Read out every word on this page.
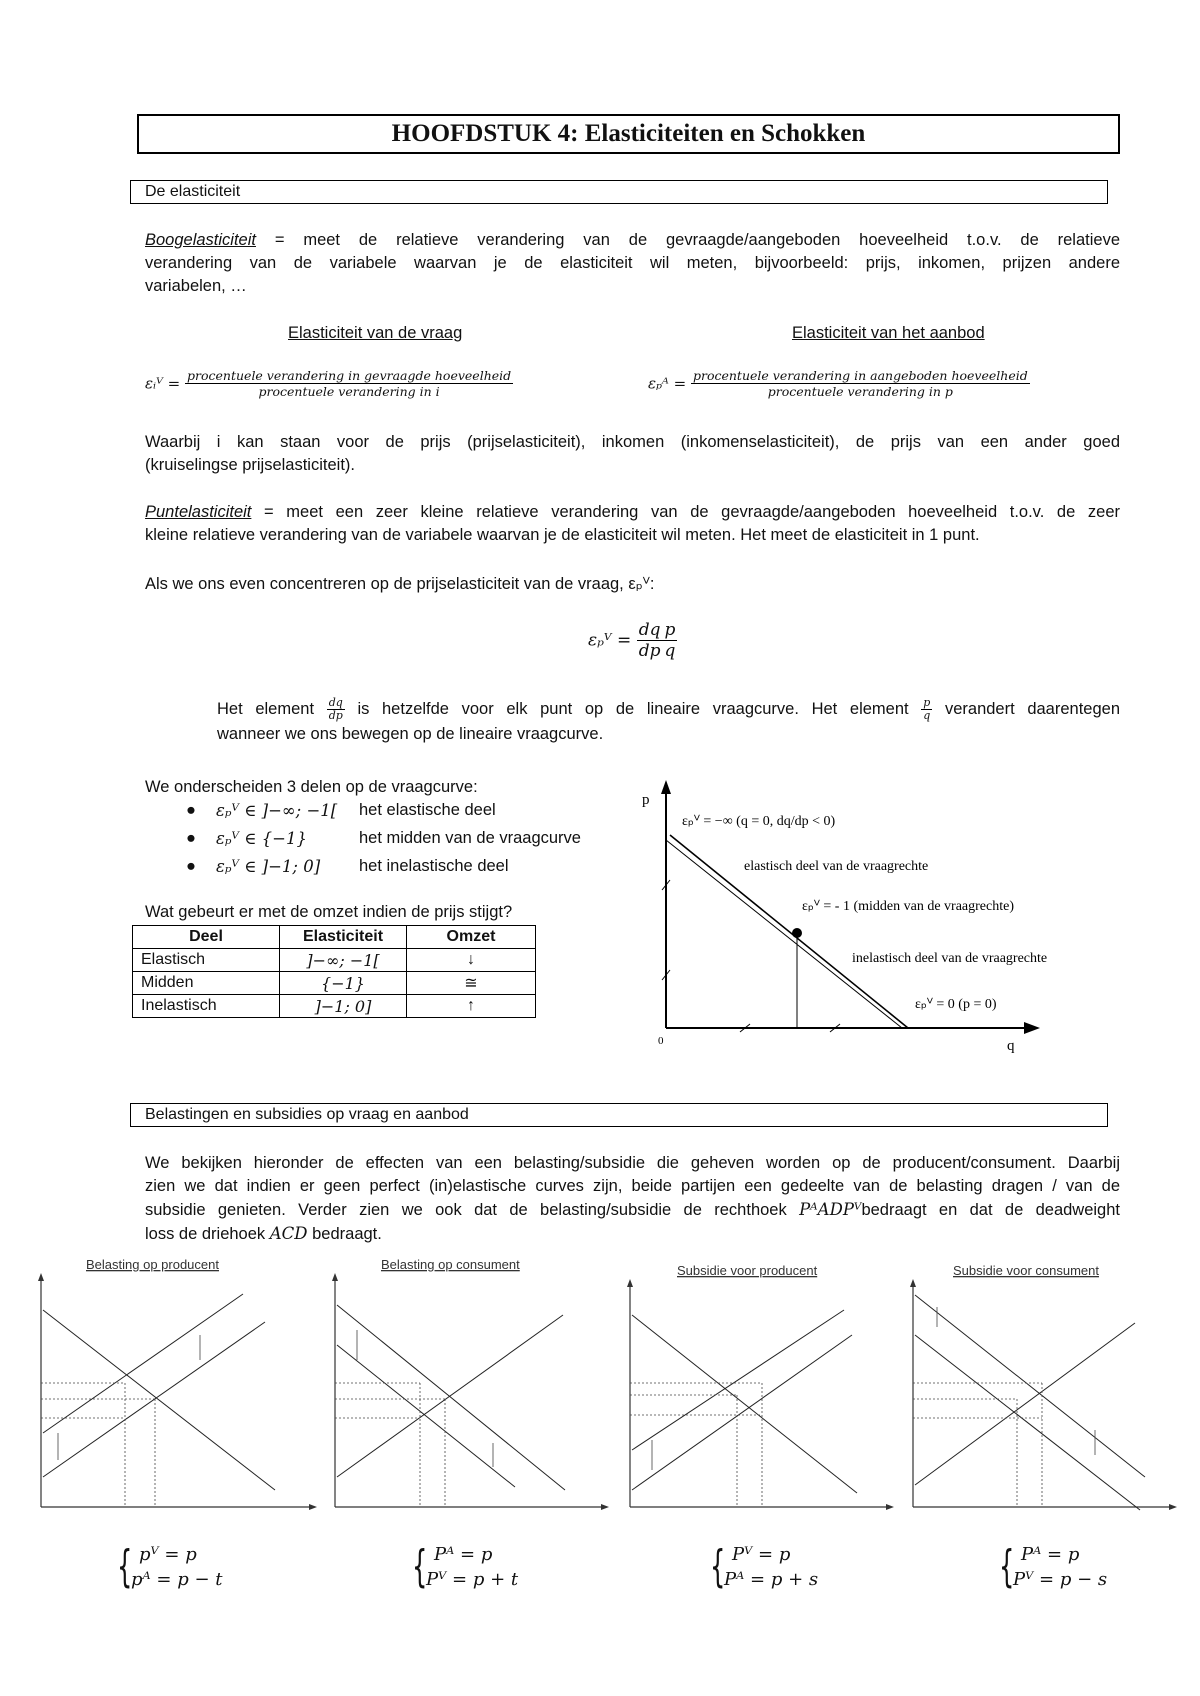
HOOFDSTUK 4: Elasticiteiten en Schokken
De elasticiteit
Boogelasticiteit = meet de relatieve verandering van de gevraagde/aangeboden hoeveelheid t.o.v. de relatieve
verandering van de variabele waarvan je de elasticiteit wil meten, bijvoorbeeld: prijs, inkomen, prijzen andere
variabelen, …
Elasticiteit van de vraag	Elasticiteit van het aanbod
εᵢⱽ = $\frac{\text{procentuele verandering in gevraagde hoeveelheid}}{\text{procentuele verandering in i}}$	εₚᴬ = $\frac{\text{procentuele verandering in aangeboden hoeveelheid}}{\text{procentuele verandering in p}}$
Waarbij i kan staan voor de prijs (prijselasticiteit), inkomen (inkomenselasticiteit), de prijs van een ander goed
(kruiselingse prijselasticiteit).
Puntelasticiteit = meet een zeer kleine relatieve verandering van de gevraagde/aangeboden hoeveelheid t.o.v. de zeer
kleine relatieve verandering van de variabele waarvan je de elasticiteit wil meten. Het meet de elasticiteit in 1 punt.
Als we ons even concentreren op de prijselasticiteit van de vraag, εₚⱽ:
εₚⱽ = $\frac{dq}{dp} \frac{p}{q}$
Het element $\frac{dq}{dp}$ is hetzelfde voor elk punt op de lineaire vraagcurve. Het element $\frac{p}{q}$ verandert daarentegen
wanneer we ons bewegen op de lineaire vraagcurve.
We onderscheiden 3 delen op de vraagcurve:
● εₚⱽ ∈ ]−∞; −1[ het elastische deel
● εₚⱽ ∈ {−1}	het midden van de vraagcurve
● εₚⱽ ∈ ]−1; 0] het inelastische deel
Wat gebeurt er met de omzet indien de prijs stijgt?
Deel	Elasticiteit	Omzet
Elastisch	]−∞; −1[	↓
Midden	{−1}	≅
Inelastisch	]−1; 0]	↑
p
q
0
εₚⱽ = −∞ (q = 0, dq/dp < 0)
elastisch deel van de vraagrechte
εₚⱽ = - 1 (midden van de vraagrechte)
inelastisch deel van de vraagrechte
εₚⱽ = 0 (p = 0)
Belastingen en subsidies op vraag en aanbod
We bekijken hieronder de effecten van een belasting/subsidie die geheven worden op de producent/consument. Daarbij
zien we dat indien er geen perfect (in)elastische curves zijn, beide partijen een gedeelte van de belasting dragen / van de
subsidie genieten. Verder zien we ook dat de belasting/subsidie de rechthoek PᴬADPⱽbedraagt en dat de deadweight
loss de driehoek ACD bedraagt.
Belasting op producent	Belasting op consument	Subsidie voor producent	Subsidie voor consument
{ pⱽ = p
pᴬ = p − t	{ Pᴬ = p
Pⱽ = p + t	{ Pⱽ = p
Pᴬ = p + s	{ Pᴬ = p
Pⱽ = p − s
